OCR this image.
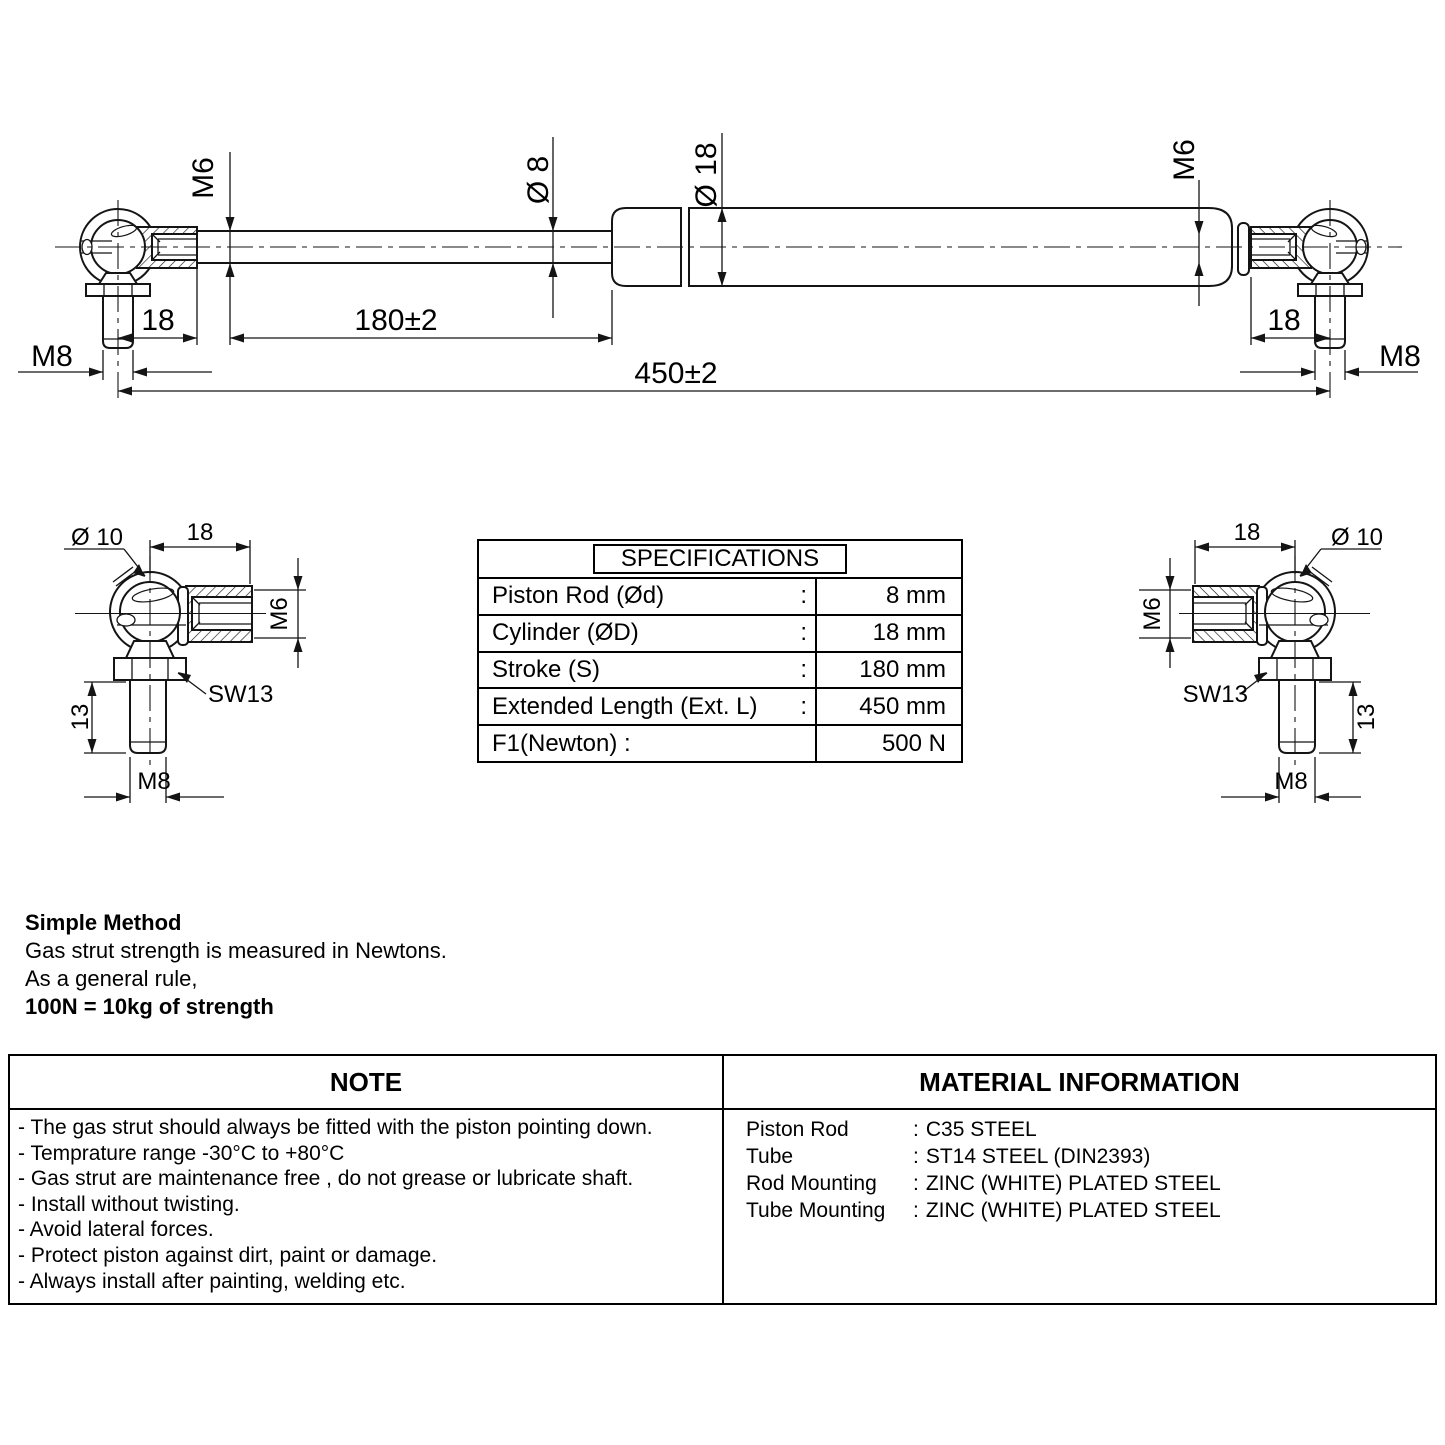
M6	Ø 8	Ø 18	M6
18	180±2	18
M8	M8
450±2
Ø 10	18
M6
SW13
13
M8
Ø 10
18
M6
SW13
13
M8
SPECIFICATIONS
Piston Rod (Ød)	:	8 mm
Cylinder (ØD)	:	18 mm
Stroke (S)	:	180 mm
Extended Length (Ext. L) :	450 mm
F1(Newton) :	500 N
Simple Method
Gas strut strength is measured in Newtons.
As a general rule,
100N = 10kg of strength
NOTE	MATERIAL INFORMATION
- The gas strut should always be fitted with the piston pointing down.
- Temprature range -30°C to +80°C
- Gas strut are maintenance free , do not grease or lubricate shaft.
- Install without twisting.
- Avoid lateral forces.
- Protect piston against dirt, paint or damage.
- Always install after painting, welding etc.
Piston Rod	: C35 STEEL
Tube	: ST14 STEEL (DIN2393)
Rod Mounting	: ZINC (WHITE) PLATED STEEL
Tube Mounting	: ZINC (WHITE) PLATED STEEL
